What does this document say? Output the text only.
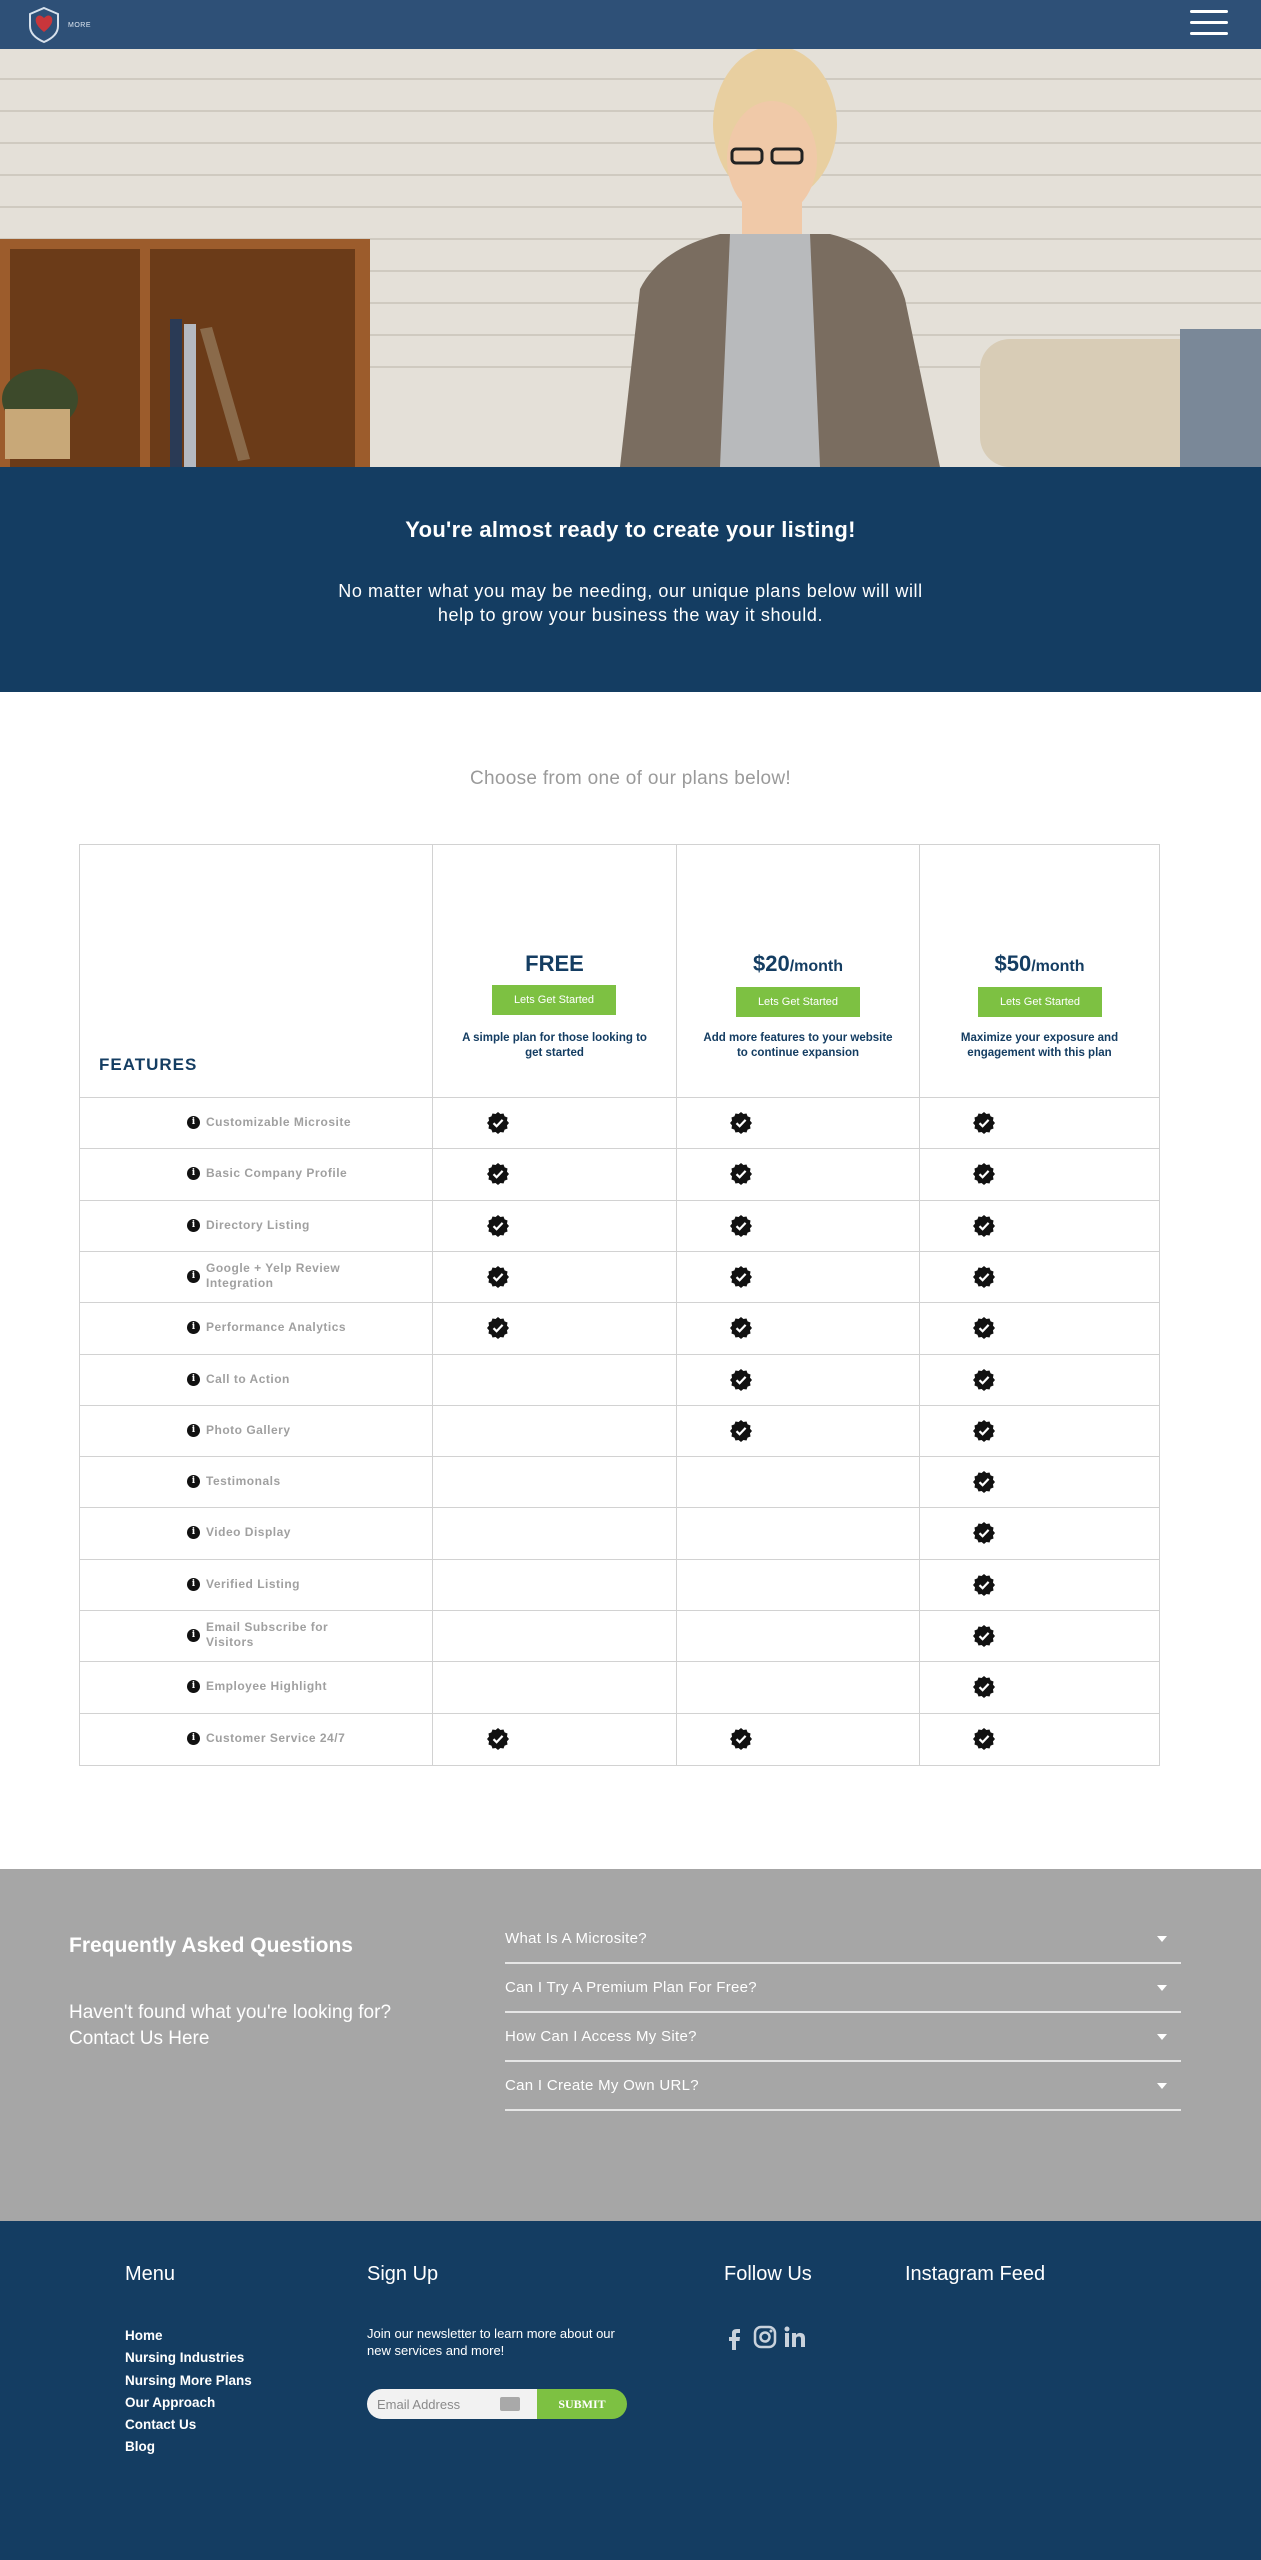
MORE
You're almost ready to create your listing!

No matter what you may be needing, our unique plans below will will help to grow your business the way it should.

Choose from one of our plans below!
FEATURES
FREE
Lets Get Started
A simple plan for those looking to get started
$20/month
Lets Get Started
Add more features to your website to continue expansion
$50/month
Lets Get Started
Maximize your exposure and engagement with this plan
i Customizable Microsite
i Basic Company Profile
i Directory Listing
i
Google + Yelp Review Integration
i Performance Analytics
i Call to Action
i Photo Gallery
i Testimonals
i Video Display
i Verified Listing
i
Email Subscribe for Visitors
i Employee Highlight
i Customer Service 24/7
Frequently Asked Questions
Haven't found what you're looking for? Contact Us Here
What Is A Microsite?
Can I Try A Premium Plan For Free?
How Can I Access My Site?
Can I Create My Own URL?
Menu
Home
Nursing Industries
Nursing More Plans
Our Approach
Contact Us
Blog
Sign Up
Join our newsletter to learn more about our new services and more!
Email Address
SUBMIT
Follow Us	Instagram Feed
